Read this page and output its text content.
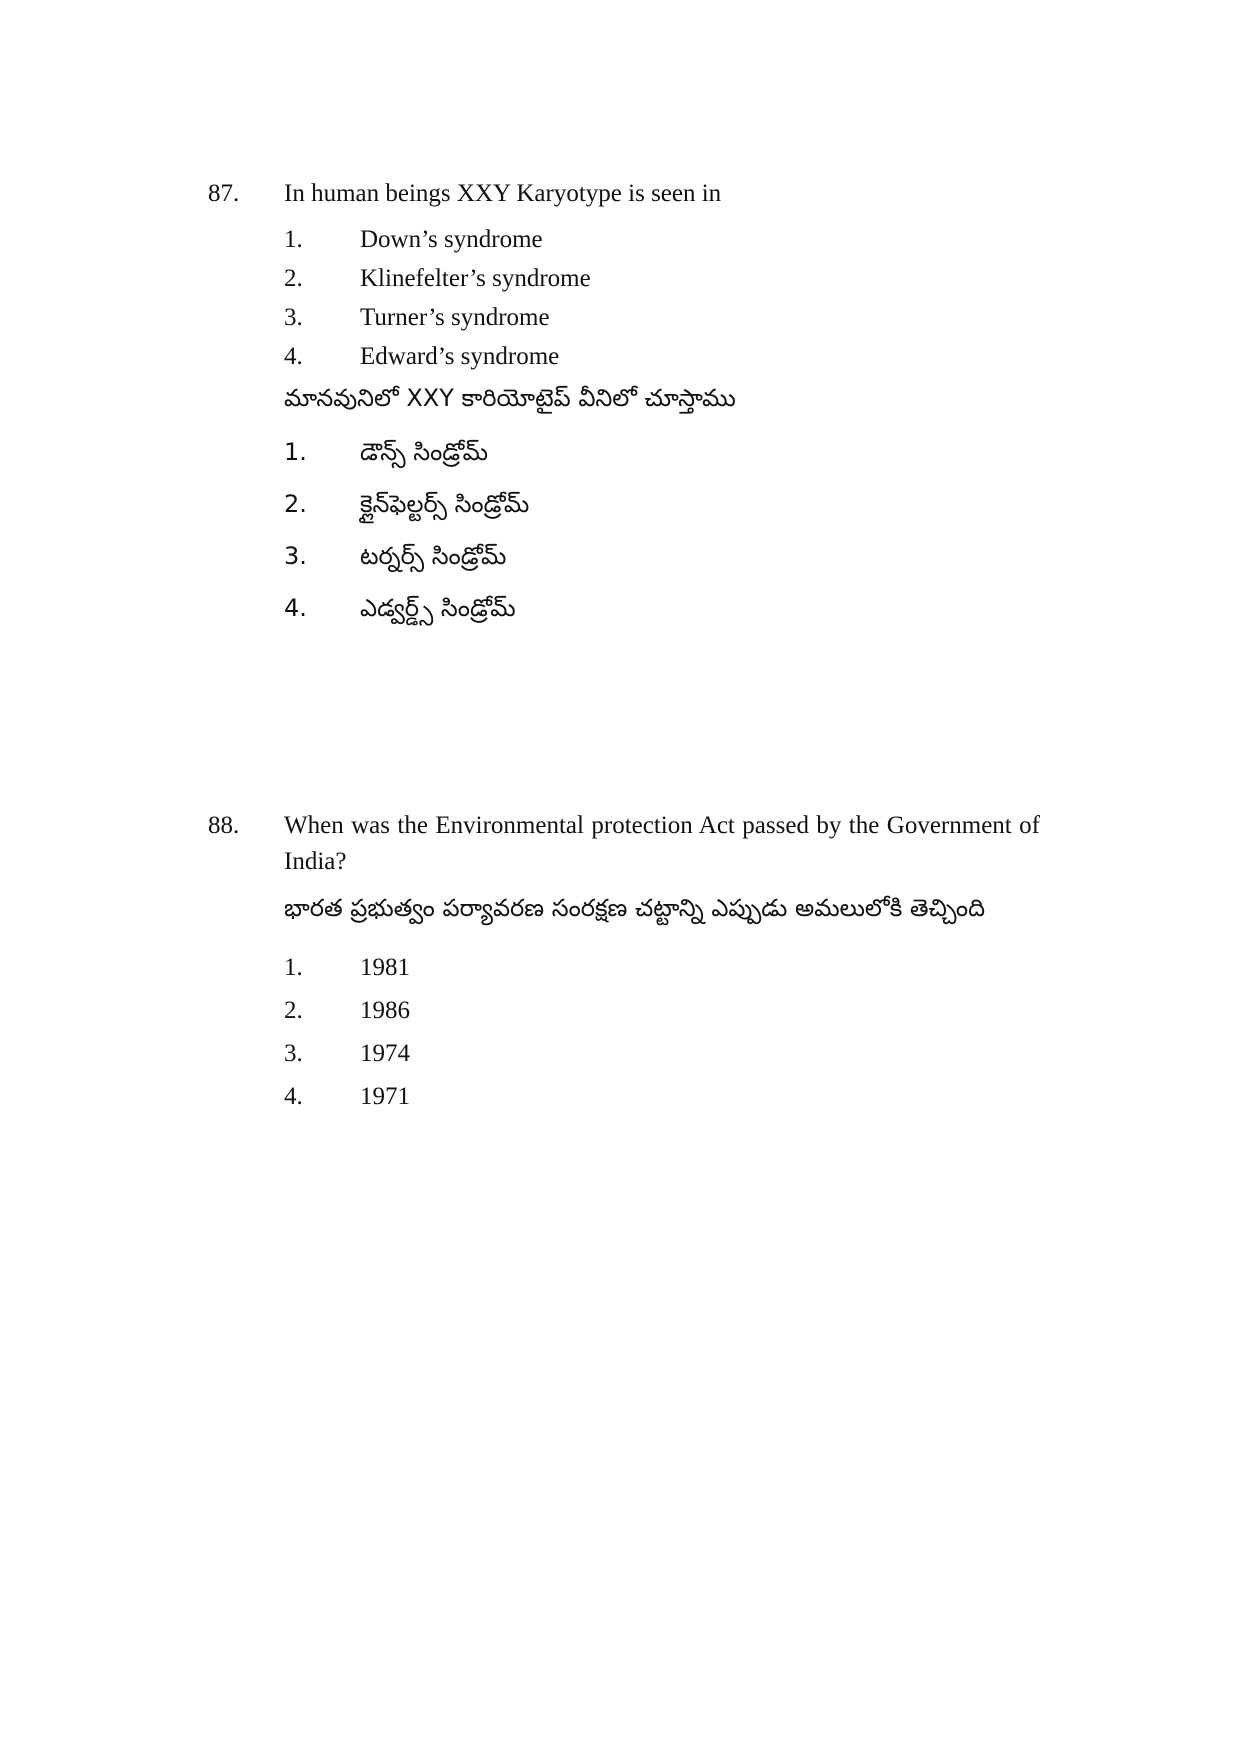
87.	In human beings XXY Karyotype is seen in
1.	Down’s syndrome
2.	Klinefelter’s syndrome
3.	Turner’s syndrome
4.	Edward’s syndrome
మానవునిలో XXY కారియోటైప్ వీనిలో చూస్తాము
1.	డౌన్స్ సిండ్రోమ్
2.	క్లైన్‌ఫెల్టర్స్ సిండ్రోమ్
3.	టర్నర్స్ సిండ్రోమ్
4.	ఎడ్వర్డ్స్ సిండ్రోమ్
88.	When was the Environmental protection Act passed by the Government of India?
భారత ప్రభుత్వం పర్యావరణ సంరక్షణ చట్టాన్ని ఎప్పుడు అమలులోకి తెచ్చింది
1.	1981
2.	1986
3.	1974
4.	1971
